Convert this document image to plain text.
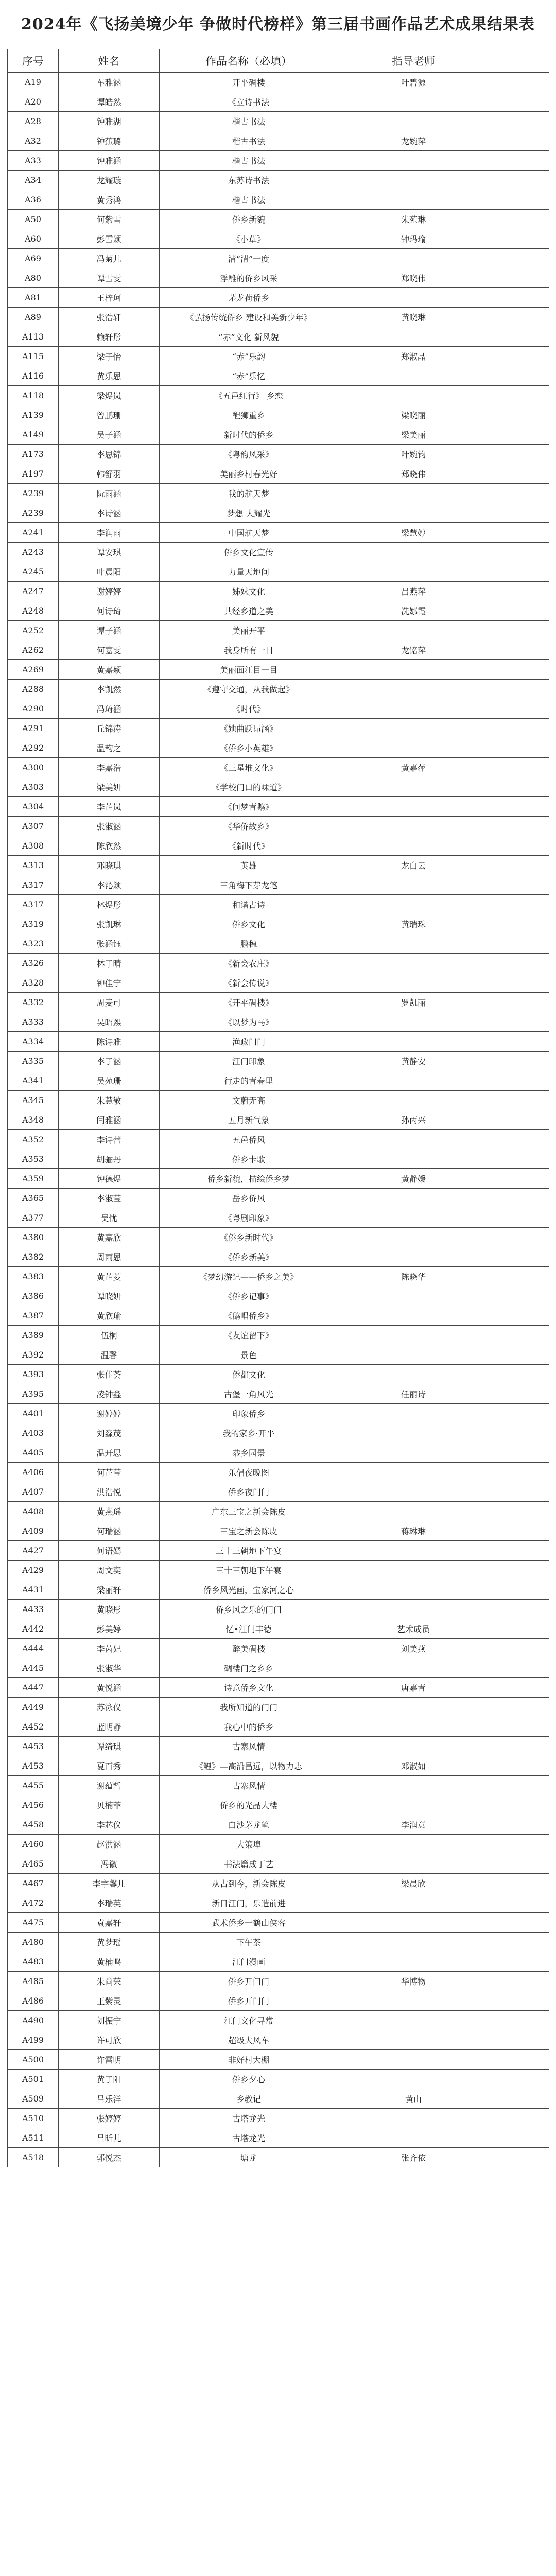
2024年《飞扬美境少年 争做时代榜样》第三届书画作品艺术成果结果表
序号	姓名	作品名称（必填）	指导老师	
A19	车雅涵	开平碉楼	叶碧源	
A20	谭皓然	《立诗书法		
A28	钟雅湖	楷古书法		
A32	钟蕉璐	楷古书法	龙婉萍	
A33	钟雅涵	楷古书法		
A34	龙耀璇	东苏诗书法		
A36	黄秀鸿	楷古书法		
A50	何紫雪	侨乡新貌	朱苑琳	
A60	彭雪颖	《小草》	钟玛瑜	
A69	冯菊儿	清“清”一度		
A80	谭雪雯	浮雕的侨乡风采	郑晓伟	
A81	王梓珂	茅龙荷侨乡		
A89	张浩轩	《弘扬传统侨乡 建设和美新少年》	黄晓琳	
A113	赖轩彤	“赤”文化 新风貌		
A115	梁子怡	“赤”乐韵	郑淑晶	
A116	黄乐恩	“赤”乐忆		
A118	梁煜岚	《五邑红行》 乡恋		
A139	曾鹏珊	醒狮重乡	梁晓丽	
A149	吴子涵	新时代的侨乡	梁美丽	
A173	李思锦	《粤韵风采》	叶婉钧	
A197	韩舒羽	美丽乡村春光好	郑晓伟	
A239	阮雨涵	我的航天梦		
A239	李诗涵	梦想 大耀光		
A241	李润雨	中国航天梦	梁慧婷	
A243	谭安琪	侨乡文化宣传		
A245	叶晨阳	力量天地间		
A247	谢婷婷	姊妹文化	吕燕萍	
A248	何诗琦	共经乡道之美	冼娜霞	
A252	谭子涵	美丽开平		
A262	何嘉雯	我身所有一目	龙铭萍	
A269	黄嘉颖	美丽面江目一目		
A288	李凯然	《遵守交通，从我做起》		
A290	冯琦涵	《时代》		
A291	丘锦涛	《她曲跃昂涵》		
A292	温韵之	《侨乡小英雄》		
A300	李嘉浩	《三星堆文化》	黄嘉萍	
A303	梁美妍	《学校门口的味道》		
A304	李芷岚	《问梦青鹅》		
A307	张淑涵	《华侨故乡》		
A308	陈欣然	《新时代》		
A313	邓晓琪	英雄	龙白云	
A317	李沁颖	三角梅下芽龙笔		
A317	林煜彤	和谐古诗		
A319	张凯琳	侨乡文化	黄瑞珠	
A323	张涵钰	鹏穗		
A326	林子晴	《新会农庄》		
A328	钟佳宁	《新会传说》		
A332	周麦可	《开平碉楼》	罗凯丽	
A333	吴昭熙	《以梦为马》		
A334	陈诗雅	渔政门门		
A335	李子涵	江门印象	黄静安	
A341	吴苑珊	行走的青春里		
A345	朱慧敏	文蔚无高		
A348	闫雅涵	五月新气象	孙丙兴	
A352	李诗蕾	五邑侨风		
A353	胡骊丹	侨乡卡歌		
A359	钟德煜	侨乡新貌，描绘侨乡梦	黄静媛	
A365	李淑莹	岳乡侨风		
A377	吴忧	《粤剧印象》		
A380	黄嘉欣	《侨乡新时代》		
A382	周雨恩	《侨乡新美》		
A383	黄芷菱	《梦幻游记——侨乡之美》	陈晓华	
A386	谭晓妍	《侨乡记事》		
A387	黄欣瑜	《鹅唱侨乡》		
A389	伍桐	《友谊留下》		
A392	温馨	景色		
A393	张佳荟	侨都文化		
A395	凌钟鑫	古堡一角风光	任丽诗	
A401	谢婷婷	印象侨乡		
A403	刘淼茂	我的家乡·开平		
A405	温开思	恭乡园景		
A406	何芷莹	乐侣夜晚图		
A407	洪浩悦	侨乡夜门门		
A408	黄燕瑶	广东三宝之新会陈皮		
A409	何瑞涵	三宝之新会陈皮	蒋琳琳	
A427	何语嫣	三十三朝地下午宴		
A429	周文奕	三十三朝地下午宴		
A431	梁丽轩	侨乡风光画，宝家河之心		
A433	黄晓彤	侨乡风之乐的门门		
A442	彭美婷	忆•江门丰德	艺术成员	
A444	李芮妃	醉美碉楼	刘美燕	
A445	张淑华	碉楼门之乡乡		
A447	黄悦涵	诗意侨乡文化	唐嘉青	
A449	苏泳仪	我所知道的门门		
A452	蓝明静	我心中的侨乡		
A453	谭绮琪	古寨风情		
A453	夏百秀	《鲤》—高沿昌远，以物力志	邓淑如	
A455	谢蕴哲	古寨风情		
A456	贝楠菲	侨乡的光晶大楼		
A458	李芯仪	白沙茅龙笔	李润意	
A460	赵洪涵	大策埠		
A465	冯徽	书法篇成丁艺		
A467	李宇馨儿	从古到今，新会陈皮	梁晨欣	
A472	李瑞英	新日江门，乐造前进		
A475	袁嘉轩	武术侨乡一鹤山侠客		
A480	黄梦瑶	下午茶		
A483	黄楠鸣	江门漫画		
A485	朱尚荣	侨乡开门门	华博物	
A486	王紫灵	侨乡开门门		
A490	刘振宁	江门文化寻常		
A499	许可欣	超级大风车		
A500	许雷明	非好村大棚		
A501	黄子阳	侨乡夕心		
A509	吕乐洋	乡教记	黄山	
A510	张婷婷	古塔龙光		
A511	吕昕儿	古塔龙光		
A518	郭悦杰	塘龙	张齐依	
